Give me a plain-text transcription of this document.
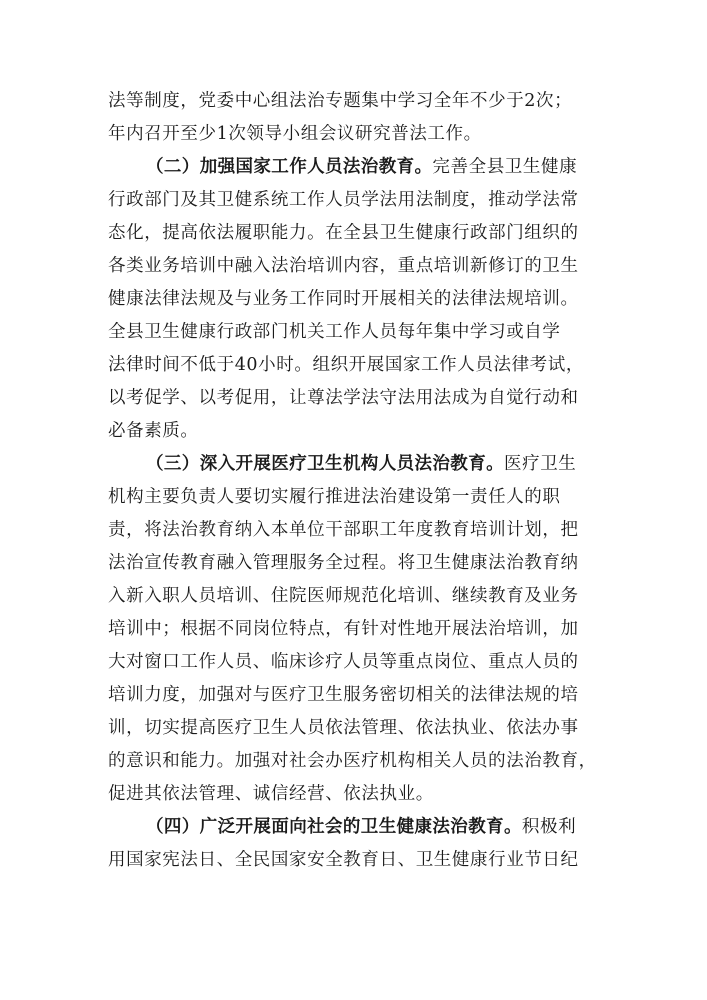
法等制度，党委中心组法治专题集中学习全年不少于2次；
年内召开至少1次领导小组会议研究普法工作。
（二）加强国家工作人员法治教育。完善全县卫生健康
行政部门及其卫健系统工作人员学法用法制度，推动学法常
态化，提高依法履职能力。在全县卫生健康行政部门组织的
各类业务培训中融入法治培训内容，重点培训新修订的卫生
健康法律法规及与业务工作同时开展相关的法律法规培训。
全县卫生健康行政部门机关工作人员每年集中学习或自学
法律时间不低于40小时。组织开展国家工作人员法律考试，
以考促学、以考促用，让尊法学法守法用法成为自觉行动和
必备素质。
（三）深入开展医疗卫生机构人员法治教育。医疗卫生
机构主要负责人要切实履行推进法治建设第一责任人的职
责，将法治教育纳入本单位干部职工年度教育培训计划，把
法治宣传教育融入管理服务全过程。将卫生健康法治教育纳
入新入职人员培训、住院医师规范化培训、继续教育及业务
培训中；根据不同岗位特点，有针对性地开展法治培训，加
大对窗口工作人员、临床诊疗人员等重点岗位、重点人员的
培训力度，加强对与医疗卫生服务密切相关的法律法规的培
训，切实提高医疗卫生人员依法管理、依法执业、依法办事
的意识和能力。加强对社会办医疗机构相关人员的法治教育，
促进其依法管理、诚信经营、依法执业。
（四）广泛开展面向社会的卫生健康法治教育。积极利
用国家宪法日、全民国家安全教育日、卫生健康行业节日纪
